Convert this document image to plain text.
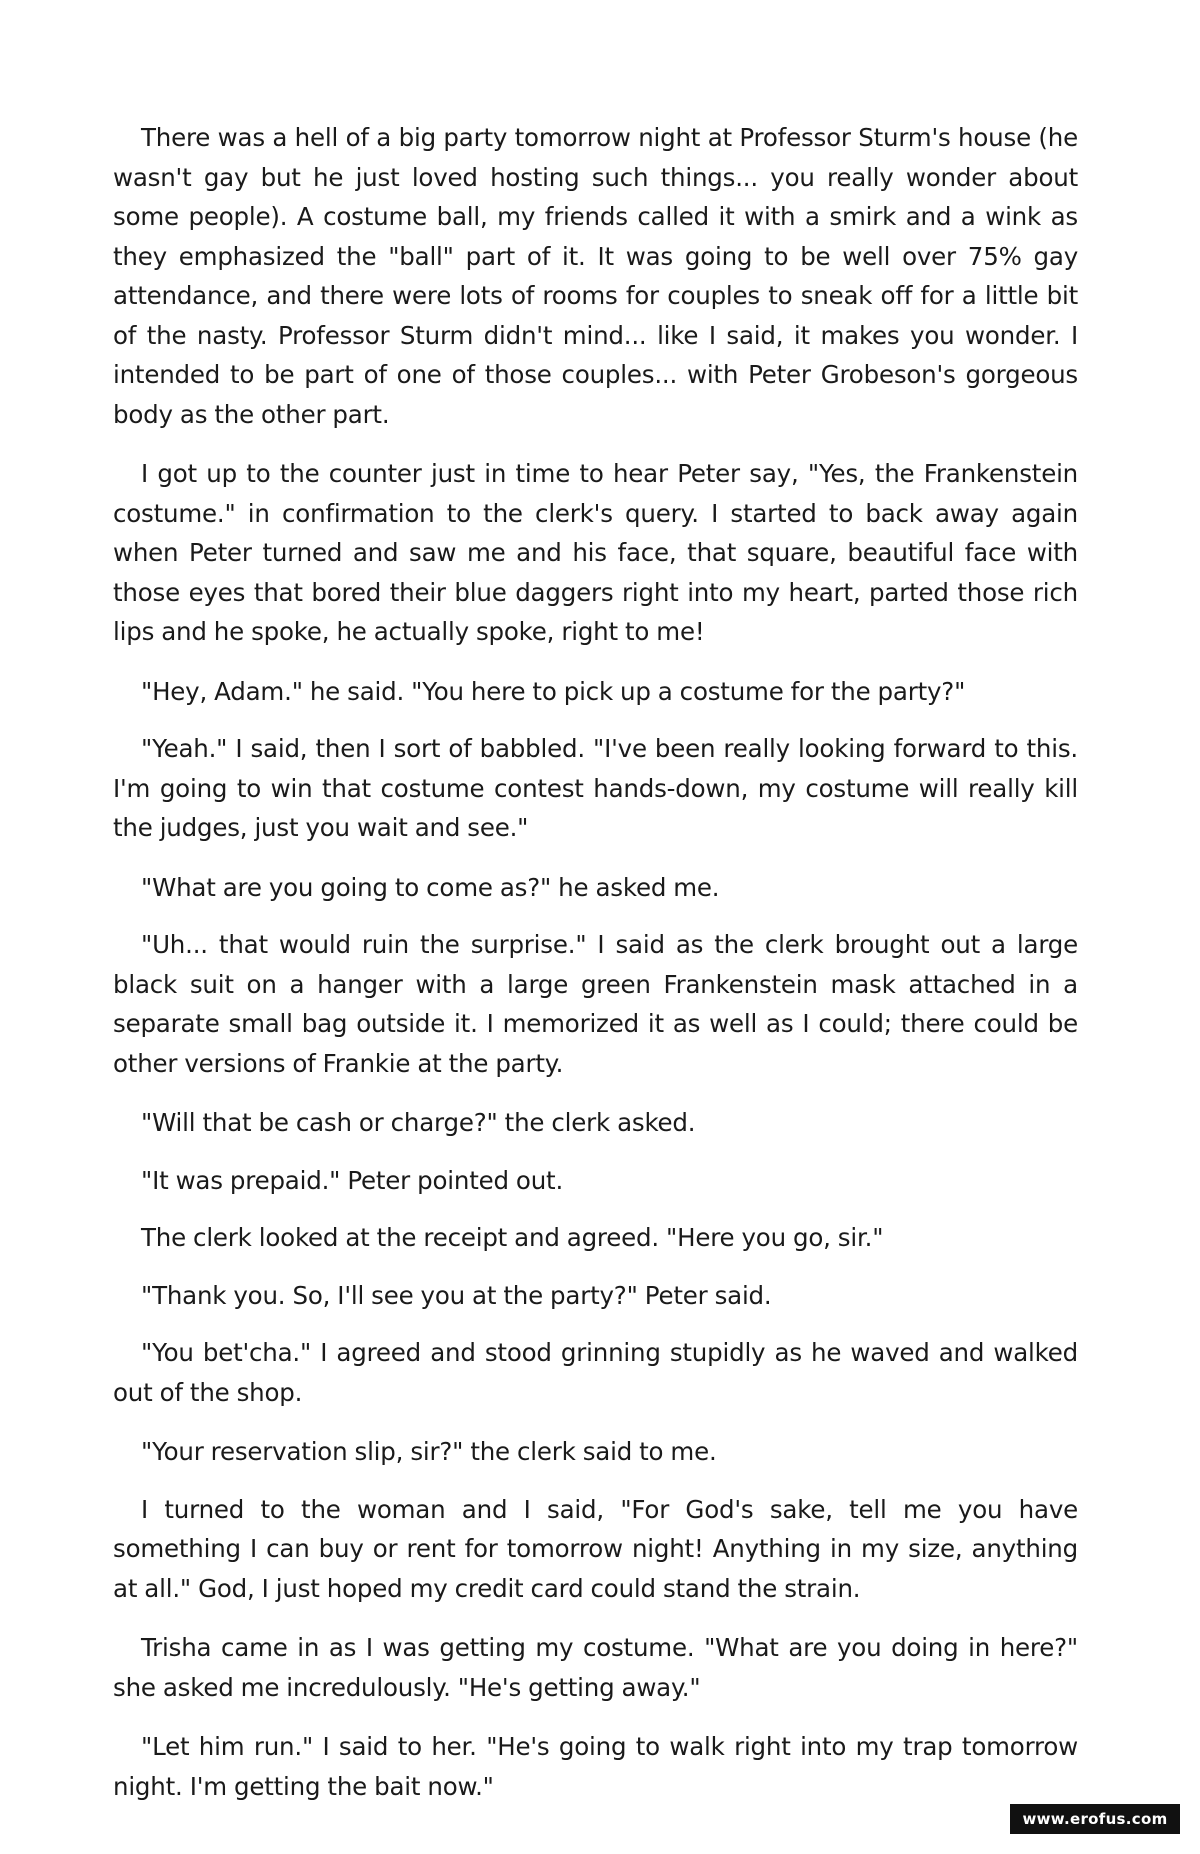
There was a hell of a big party tomorrow night at Professor Sturm's house (he wasn't gay but he just loved hosting such things... you really wonder about some people). A costume ball, my friends called it with a smirk and a wink as they emphasized the "ball" part of it. It was going to be well over 75% gay attendance, and there were lots of rooms for couples to sneak off for a little bit of the nasty. Professor Sturm didn't mind... like I said, it makes you wonder. I intended to be part of one of those couples... with Peter Grobeson's gorgeous body as the other part.

I got up to the counter just in time to hear Peter say, "Yes, the Frankenstein costume." in confirmation to the clerk's query. I started to back away again when Peter turned and saw me and his face, that square, beautiful face with those eyes that bored their blue daggers right into my heart, parted those rich lips and he spoke, he actually spoke, right to me!

"Hey, Adam." he said. "You here to pick up a costume for the party?"

"Yeah." I said, then I sort of babbled. "I've been really looking forward to this. I'm going to win that costume contest hands-down, my costume will really kill the judges, just you wait and see."

"What are you going to come as?" he asked me.

"Uh... that would ruin the surprise." I said as the clerk brought out a large black suit on a hanger with a large green Frankenstein mask attached in a separate small bag outside it. I memorized it as well as I could; there could be other versions of Frankie at the party.

"Will that be cash or charge?" the clerk asked.

"It was prepaid." Peter pointed out.

The clerk looked at the receipt and agreed. "Here you go, sir."

"Thank you. So, I'll see you at the party?" Peter said.

"You bet'cha." I agreed and stood grinning stupidly as he waved and walked out of the shop.

"Your reservation slip, sir?" the clerk said to me.

I turned to the woman and I said, "For God's sake, tell me you have something I can buy or rent for tomorrow night! Anything in my size, anything at all." God, I just hoped my credit card could stand the strain.

Trisha came in as I was getting my costume. "What are you doing in here?" she asked me incredulously. "He's getting away."

"Let him run." I said to her. "He's going to walk right into my trap tomorrow night. I'm getting the bait now."

www.erofus.com
